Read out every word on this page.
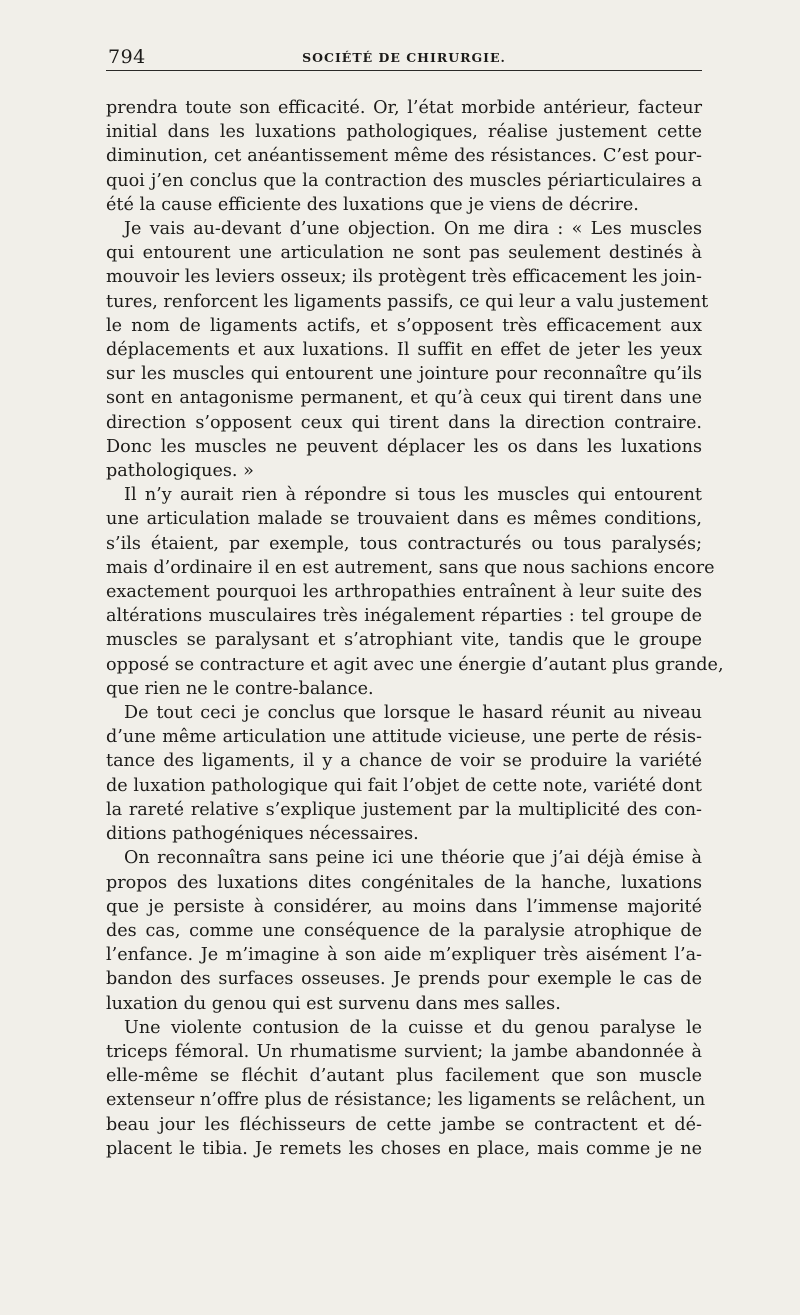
794	SOCIÉTÉ DE CHIRURGIE.

prendra toute son efficacité. Or, l’état morbide antérieur, facteur
initial dans les luxations pathologiques, réalise justement cette
diminution, cet anéantissement même des résistances. C’est pour-
quoi j’en conclus que la contraction des muscles périarticulaires a
été la cause efficiente des luxations que je viens de décrire.

Je vais au-devant d’une objection. On me dira : « Les muscles
qui entourent une articulation ne sont pas seulement destinés à
mouvoir les leviers osseux; ils protègent très efficacement les join-
tures, renforcent les ligaments passifs, ce qui leur a valu justement
le nom de ligaments actifs, et s’opposent très efficacement aux
déplacements et aux luxations. Il suffit en effet de jeter les yeux
sur les muscles qui entourent une jointure pour reconnaître qu’ils
sont en antagonisme permanent, et qu’à ceux qui tirent dans une
direction s’opposent ceux qui tirent dans la direction contraire.
Donc les muscles ne peuvent déplacer les os dans les luxations
pathologiques. »

Il n’y aurait rien à répondre si tous les muscles qui entourent
une articulation malade se trouvaient dans es mêmes conditions,
s’ils étaient, par exemple, tous contracturés ou tous paralysés;
mais d’ordinaire il en est autrement, sans que nous sachions encore
exactement pourquoi les arthropathies entraînent à leur suite des
altérations musculaires très inégalement réparties : tel groupe de
muscles se paralysant et s’atrophiant vite, tandis que le groupe
opposé se contracture et agit avec une énergie d’autant plus grande,
que rien ne le contre-balance.

De tout ceci je conclus que lorsque le hasard réunit au niveau
d’une même articulation une attitude vicieuse, une perte de résis-
tance des ligaments, il y a chance de voir se produire la variété
de luxation pathologique qui fait l’objet de cette note, variété dont
la rareté relative s’explique justement par la multiplicité des con-
ditions pathogéniques nécessaires.

On reconnaîtra sans peine ici une théorie que j’ai déjà émise à
propos des luxations dites congénitales de la hanche, luxations
que je persiste à considérer, au moins dans l’immense majorité
des cas, comme une conséquence de la paralysie atrophique de
l’enfance. Je m’imagine à son aide m’expliquer très aisément l’a-
bandon des surfaces osseuses. Je prends pour exemple le cas de
luxation du genou qui est survenu dans mes salles.

Une violente contusion de la cuisse et du genou paralyse le
triceps fémoral. Un rhumatisme survient; la jambe abandonnée à
elle-même se fléchit d’autant plus facilement que son muscle
extenseur n’offre plus de résistance; les ligaments se relâchent, un
beau jour les fléchisseurs de cette jambe se contractent et dé-
placent le tibia. Je remets les choses en place, mais comme je ne
